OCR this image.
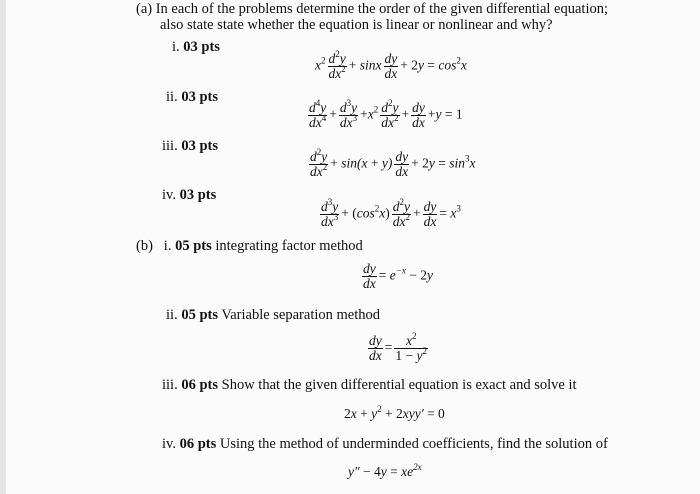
(a) In each of the problems determine the order of the given differential equation;
also state state whether the equation is linear or nonlinear and why?
i. 03 pts
$x^2 \frac{d^2y}{dx^2} + \sin x \frac{dy}{dx} + 2y = \cos^2x$
ii. 03 pts
$\frac{d^4y}{dx^4} + \frac{d^3y}{dx^3} +x^2 \frac{d^2y}{dx^2} + \frac{dy}{dx} +y = 1$
iii. 03 pts
$\frac{d^2y}{dx^2} + \sin(x + y) \frac{dy}{dx} + 2y = \sin^3x$
iv. 03 pts
$\frac{d^3y}{dx^3} + (\cos^2x) \frac{d^2y}{dx^2} + \frac{dy}{dx} = x^3$
(b) i. 05 pts integrating factor method
$\frac{dy}{dx} = e^{-x} - 2y$
ii. 05 pts Variable separation method
$\frac{dy}{dx} = \frac{x^2}{1 - y^2}$
iii. 06 pts Show that the given differential equation is exact and solve it
$2x + y^2 + 2xyy' = 0$
iv. 06 pts Using the method of underminded coefficients, find the solution of
$y'' - 4y = xe^{2x}$
